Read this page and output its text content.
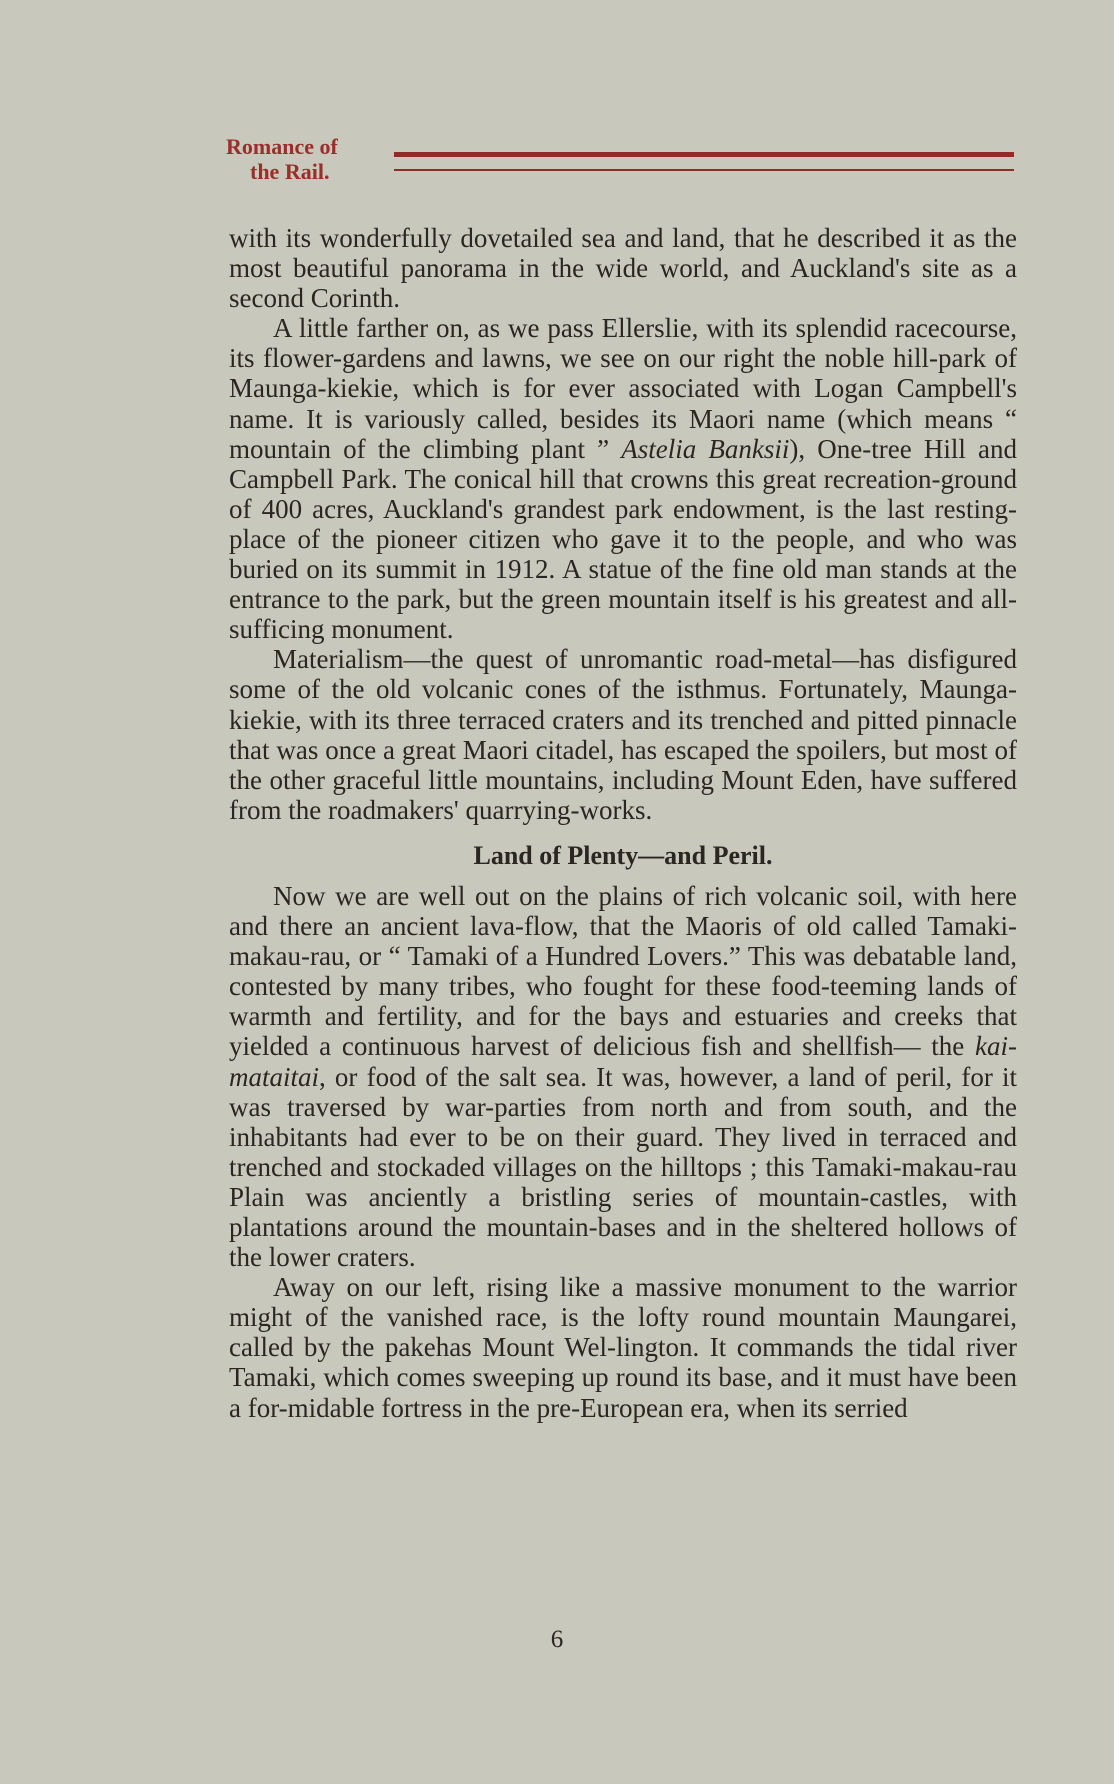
Romance of
the Rail.

with its wonderfully dovetailed sea and land, that he described it as the most beautiful panorama in the wide world, and Auckland's site as a second Corinth.

A little farther on, as we pass Ellerslie, with its splendid racecourse, its flower-gardens and lawns, we see on our right the noble hill-park of Maunga-kiekie, which is for ever associated with Logan Campbell's name. It is variously called, besides its Maori name (which means “ mountain of the climbing plant ” Astelia Banksii), One-tree Hill and Campbell Park. The conical hill that crowns this great recreation-ground of 400 acres, Auckland's grandest park endowment, is the last resting-place of the pioneer citizen who gave it to the people, and who was buried on its summit in 1912. A statue of the fine old man stands at the entrance to the park, but the green mountain itself is his greatest and all-sufficing monument.

Materialism—the quest of unromantic road-metal—has disfigured some of the old volcanic cones of the isthmus. Fortunately, Maunga-kiekie, with its three terraced craters and its trenched and pitted pinnacle that was once a great Maori citadel, has escaped the spoilers, but most of the other graceful little mountains, including Mount Eden, have suffered from the roadmakers' quarrying-works.

Land of Plenty—and Peril.

Now we are well out on the plains of rich volcanic soil, with here and there an ancient lava-flow, that the Maoris of old called Tamaki-makau-rau, or “ Tamaki of a Hundred Lovers.” This was debatable land, contested by many tribes, who fought for these food-teeming lands of warmth and fertility, and for the bays and estuaries and creeks that yielded a continuous harvest of delicious fish and shellfish— the kai-mataitai, or food of the salt sea. It was, however, a land of peril, for it was traversed by war-parties from north and from south, and the inhabitants had ever to be on their guard. They lived in terraced and trenched and stockaded villages on the hilltops ; this Tamaki-makau-rau Plain was anciently a bristling series of mountain-castles, with plantations around the mountain-bases and in the sheltered hollows of the lower craters.

Away on our left, rising like a massive monument to the warrior might of the vanished race, is the lofty round mountain Maungarei, called by the pakehas Mount Wel-lington. It commands the tidal river Tamaki, which comes sweeping up round its base, and it must have been a for-midable fortress in the pre-European era, when its serried

6
